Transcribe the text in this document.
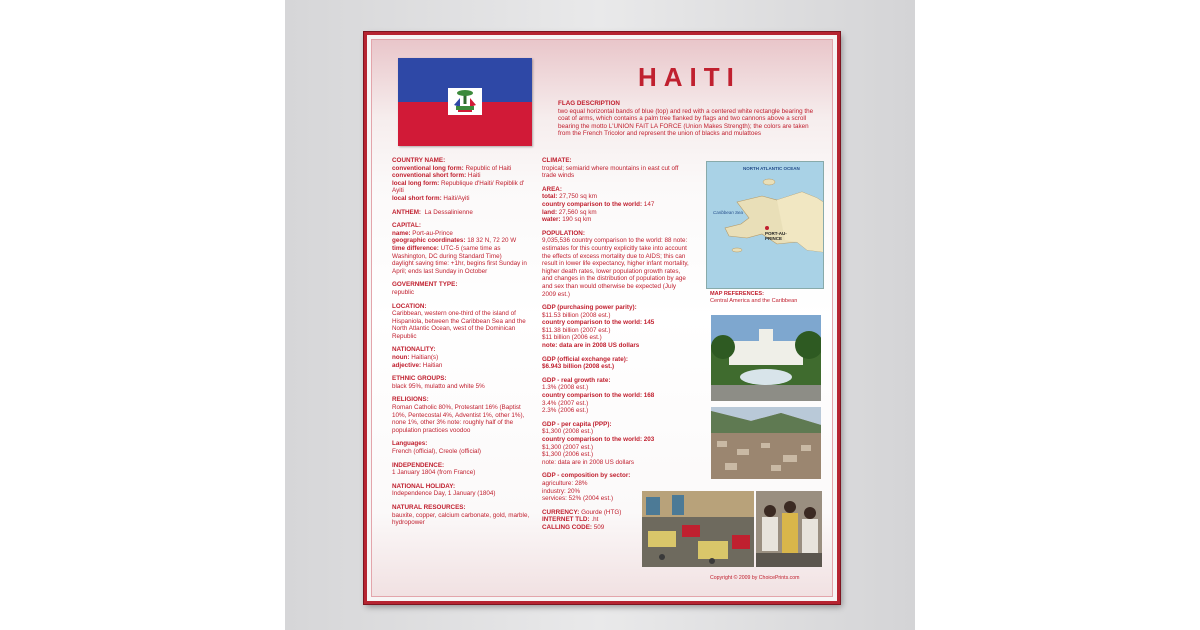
HAITI
FLAG DESCRIPTION
two equal horizontal bands of blue (top) and red with a centered white rectangle bearing the coat of arms, which contains a palm tree flanked by flags and two cannons above a scroll bearing the motto L'UNION FAIT LA FORCE (Union Makes Strength); the colors are taken from the French Tricolor and represent the union of blacks and mulattoes
COUNTRY NAME:
conventional long form: Republic of Haiti
conventional short form: Haiti
local long form: Republique d'Haiti/ Repiblik d' Ayiti
local short form: Haiti/Ayiti
ANTHEM: La Dessalinienne
CAPITAL:
name: Port-au-Prince
geographic coordinates: 18 32 N, 72 20 W
time difference: UTC-5 (same time as Washington, DC during Standard Time)
daylight saving time: +1hr, begins first Sunday in April; ends last Sunday in October
GOVERNMENT TYPE:
republic
LOCATION:
Caribbean, western one-third of the island of Hispaniola, between the Caribbean Sea and the North Atlantic Ocean, west of the Dominican Republic
NATIONALITY:
noun: Haitian(s)
adjective: Haitian
ETHNIC GROUPS:
black 95%, mulatto and white 5%
RELIGIONS:
Roman Catholic 80%, Protestant 16% (Baptist 10%, Pentecostal 4%, Adventist 1%, other 1%), none 1%, other 3% note: roughly half of the population practices voodoo
Languages:
French (official), Creole (official)
INDEPENDENCE:
1 January 1804 (from France)
NATIONAL HOLIDAY:
Independence Day, 1 January (1804)
NATURAL RESOURCES:
bauxite, copper, calcium carbonate, gold, marble, hydropower
CLIMATE:
tropical; semiarid where mountains in east cut off trade winds
AREA:
total: 27,750 sq km
country comparison to the world: 147
land: 27,560 sq km
water: 190 sq km
POPULATION:
9,035,536 country comparison to the world: 88 note: estimates for this country explicitly take into account the effects of excess mortality due to AIDS; this can result in lower life expectancy, higher infant mortality, higher death rates, lower population growth rates, and changes in the distribution of population by age and sex than would otherwise be expected (July 2009 est.)
GDP (purchasing power parity):
$11.53 billion (2008 est.)
country comparison to the world: 145
$11.38 billion (2007 est.)
$11 billion (2006 est.)
note: data are in 2008 US dollars
GDP (official exchange rate):
$6.943 billion (2008 est.)
GDP - real growth rate:
1.3% (2008 est.)
country comparison to the world: 168
3.4% (2007 est.)
2.3% (2006 est.)
GDP - per capita (PPP):
$1,300 (2008 est.)
country comparison to the world: 203
$1,300 (2007 est.)
$1,300 (2006 est.)
note: data are in 2008 US dollars
GDP - composition by sector:
agriculture: 28%
industry: 20%
services: 52% (2004 est.)
CURRENCY: Gourde (HTG)
INTERNET TLD: .ht
CALLING CODE: 509
NORTH ATLANTIC OCEAN
Caribbean Sea
PORT-AU-PRINCE
MAP REFERENCES:
Central America and the Caribbean
Copyright © 2009 by ChoicePrints.com
